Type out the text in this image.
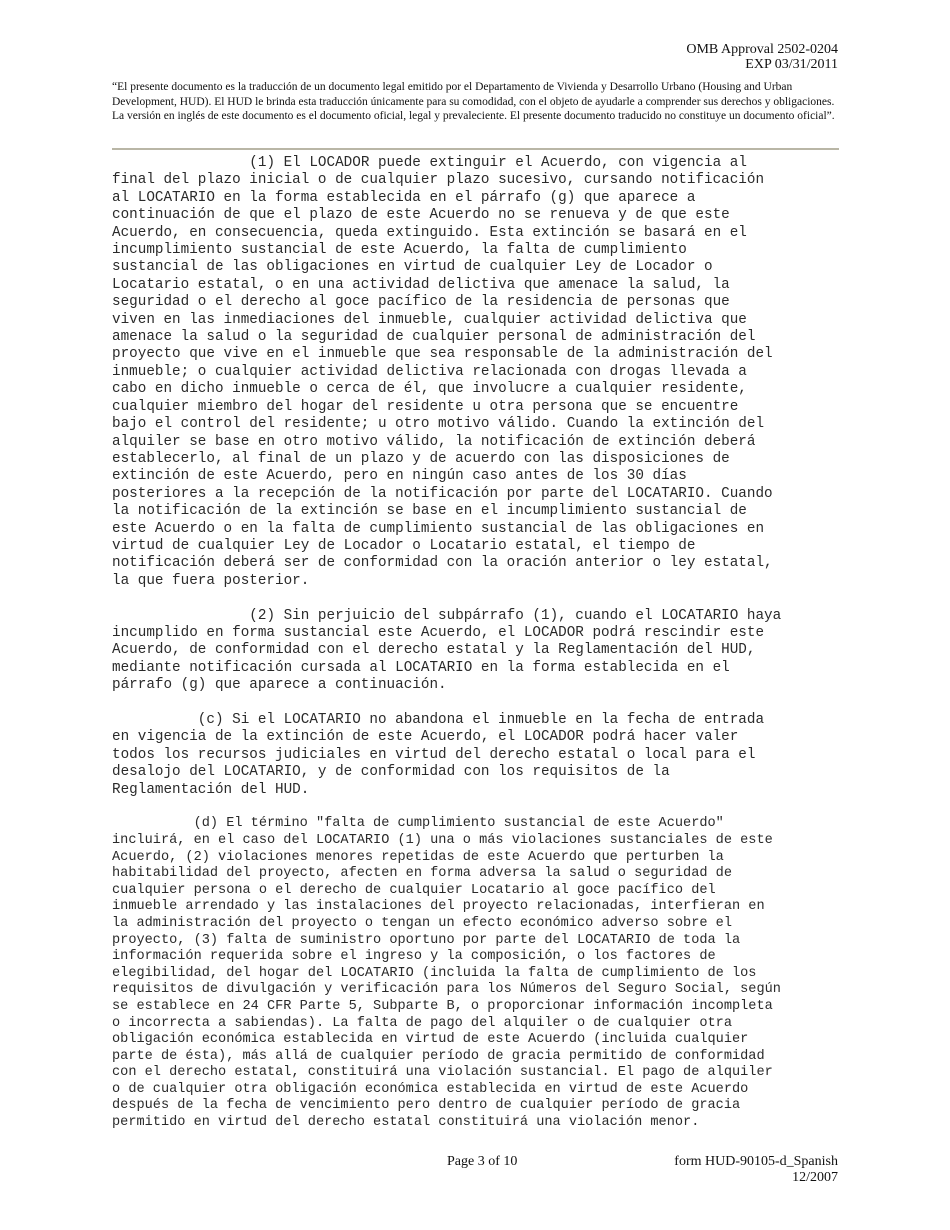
OMB Approval 2502-0204
EXP 03/31/2011
“El presente documento es la traducción de un documento legal emitido por el Departamento de Vivienda y Desarrollo Urbano (Housing and Urban Development, HUD). El HUD le brinda esta traducción únicamente para su comodidad, con el objeto de ayudarle a comprender sus derechos y obligaciones. La versión en inglés de este documento es el documento oficial, legal y prevaleciente. El presente documento traducido no constituye un documento oficial”.
(1) El LOCADOR puede extinguir el Acuerdo, con vigencia al
final del plazo inicial o de cualquier plazo sucesivo, cursando notificación
al LOCATARIO en la forma establecida en el párrafo (g) que aparece a
continuación de que el plazo de este Acuerdo no se renueva y de que este
Acuerdo, en consecuencia, queda extinguido. Esta extinción se basará en el
incumplimiento sustancial de este Acuerdo, la falta de cumplimiento
sustancial de las obligaciones en virtud de cualquier Ley de Locador o
Locatario estatal, o en una actividad delictiva que amenace la salud, la
seguridad o el derecho al goce pacífico de la residencia de personas que
viven en las inmediaciones del inmueble, cualquier actividad delictiva que
amenace la salud o la seguridad de cualquier personal de administración del
proyecto que vive en el inmueble que sea responsable de la administración del
inmueble; o cualquier actividad delictiva relacionada con drogas llevada a
cabo en dicho inmueble o cerca de él, que involucre a cualquier residente,
cualquier miembro del hogar del residente u otra persona que se encuentre
bajo el control del residente; u otro motivo válido. Cuando la extinción del
alquiler se base en otro motivo válido, la notificación de extinción deberá
establecerlo, al final de un plazo y de acuerdo con las disposiciones de
extinción de este Acuerdo, pero en ningún caso antes de los 30 días
posteriores a la recepción de la notificación por parte del LOCATARIO. Cuando
la notificación de la extinción se base en el incumplimiento sustancial de
este Acuerdo o en la falta de cumplimiento sustancial de las obligaciones en
virtud de cualquier Ley de Locador o Locatario estatal, el tiempo de
notificación deberá ser de conformidad con la oración anterior o ley estatal,
la que fuera posterior.
(2) Sin perjuicio del subpárrafo (1), cuando el LOCATARIO haya
incumplido en forma sustancial este Acuerdo, el LOCADOR podrá rescindir este
Acuerdo, de conformidad con el derecho estatal y la Reglamentación del HUD,
mediante notificación cursada al LOCATARIO en la forma establecida en el
párrafo (g) que aparece a continuación.
(c) Si el LOCATARIO no abandona el inmueble en la fecha de entrada
en vigencia de la extinción de este Acuerdo, el LOCADOR podrá hacer valer
todos los recursos judiciales en virtud del derecho estatal o local para el
desalojo del LOCATARIO, y de conformidad con los requisitos de la
Reglamentación del HUD.
(d) El término "falta de cumplimiento sustancial de este Acuerdo"
incluirá, en el caso del LOCATARIO (1) una o más violaciones sustanciales de este
Acuerdo, (2) violaciones menores repetidas de este Acuerdo que perturben la
habitabilidad del proyecto, afecten en forma adversa la salud o seguridad de
cualquier persona o el derecho de cualquier Locatario al goce pacífico del
inmueble arrendado y las instalaciones del proyecto relacionadas, interfieran en
la administración del proyecto o tengan un efecto económico adverso sobre el
proyecto, (3) falta de suministro oportuno por parte del LOCATARIO de toda la
información requerida sobre el ingreso y la composición, o los factores de
elegibilidad, del hogar del LOCATARIO (incluida la falta de cumplimiento de los
requisitos de divulgación y verificación para los Números del Seguro Social, según
se establece en 24 CFR Parte 5, Subparte B, o proporcionar información incompleta
o incorrecta a sabiendas). La falta de pago del alquiler o de cualquier otra
obligación económica establecida en virtud de este Acuerdo (incluida cualquier
parte de ésta), más allá de cualquier período de gracia permitido de conformidad
con el derecho estatal, constituirá una violación sustancial. El pago de alquiler
o de cualquier otra obligación económica establecida en virtud de este Acuerdo
después de la fecha de vencimiento pero dentro de cualquier período de gracia
permitido en virtud del derecho estatal constituirá una violación menor.
Page 3 of 10	form HUD-90105-d_Spanish
12/2007
